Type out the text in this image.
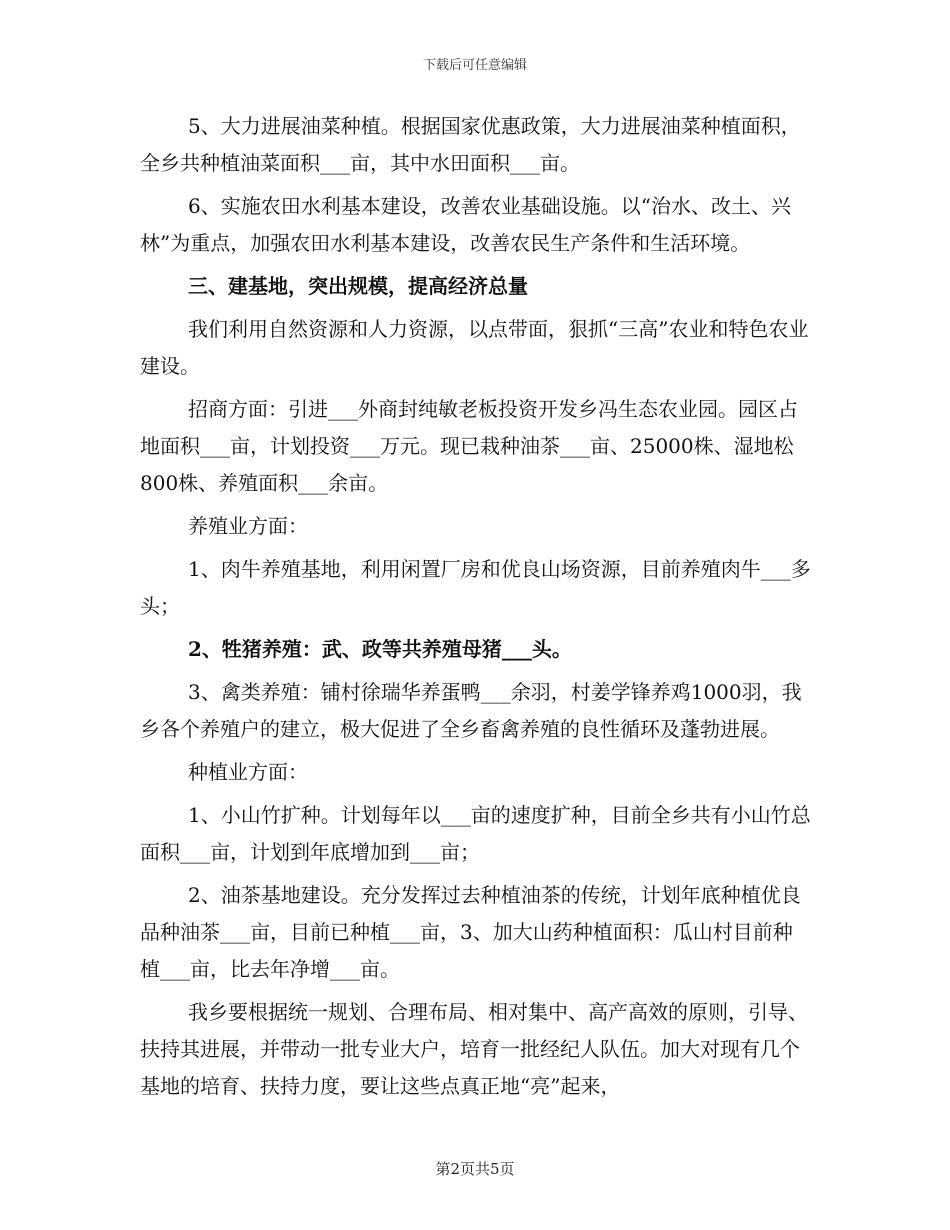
下载后可任意编辑

5、大力进展油菜种植。根据国家优惠政策，大力进展油菜种植面积，全乡共种植油菜面积___亩，其中水田面积___亩。

6、实施农田水利基本建设，改善农业基础设施。以“治水、改土、兴林”为重点，加强农田水利基本建设，改善农民生产条件和生活环境。

三、建基地，突出规模，提高经济总量

我们利用自然资源和人力资源，以点带面，狠抓“三高”农业和特色农业建设。

招商方面：引进___外商封纯敏老板投资开发乡冯生态农业园。园区占地面积___亩，计划投资___万元。现已栽种油茶___亩、25000株、湿地松800株、养殖面积___余亩。

养殖业方面：

1、肉牛养殖基地，利用闲置厂房和优良山场资源，目前养殖肉牛___多头；

2、牲猪养殖：武、政等共养殖母猪___头。

3、禽类养殖：铺村徐瑞华养蛋鸭___余羽，村姜学锋养鸡1000羽，我乡各个养殖户的建立，极大促进了全乡畜禽养殖的良性循环及蓬勃进展。

种植业方面：

1、小山竹扩种。计划每年以___亩的速度扩种，目前全乡共有小山竹总面积___亩，计划到年底增加到___亩；

2、油茶基地建设。充分发挥过去种植油茶的传统，计划年底种植优良品种油茶___亩，目前已种植___亩，3、加大山药种植面积：瓜山村目前种植___亩，比去年净增___亩。

我乡要根据统一规划、合理布局、相对集中、高产高效的原则，引导、扶持其进展，并带动一批专业大户，培育一批经纪人队伍。加大对现有几个基地的培育、扶持力度，要让这些点真正地“亮”起来，

第2页共5页
